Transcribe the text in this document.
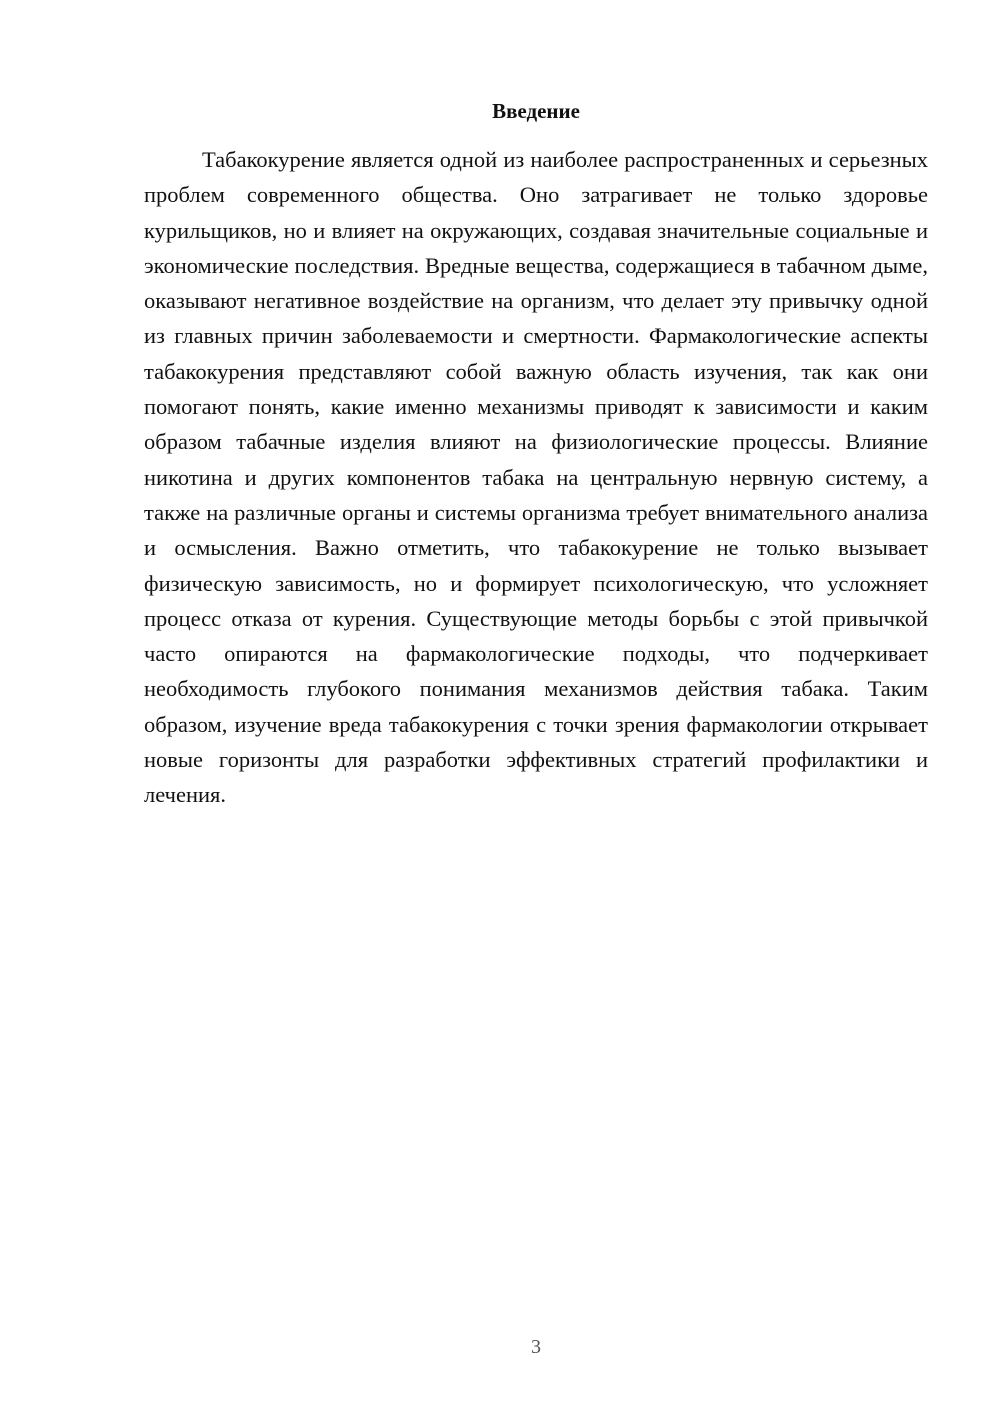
Введение

Табакокурение является одной из наиболее распространенных и серьезных проблем современного общества. Оно затрагивает не только здоровье курильщиков, но и влияет на окружающих, создавая значительные социальные и экономические последствия. Вредные вещества, содержащиеся в табачном дыме, оказывают негативное воздействие на организм, что делает эту привычку одной из главных причин заболеваемости и смертности. Фармакологические аспекты табакокурения представляют собой важную область изучения, так как они помогают понять, какие именно механизмы приводят к зависимости и каким образом табачные изделия влияют на физиологические процессы. Влияние никотина и других компонентов табака на центральную нервную систему, а также на различные органы и системы организма требует внимательного анализа и осмысления. Важно отметить, что табакокурение не только вызывает физическую зависимость, но и формирует психологическую, что усложняет процесс отказа от курения. Существующие методы борьбы с этой привычкой часто опираются на фармакологические подходы, что подчеркивает необходимость глубокого понимания механизмов действия табака. Таким образом, изучение вреда табакокурения с точки зрения фармакологии открывает новые горизонты для разработки эффективных стратегий профилактики и лечения.

3
